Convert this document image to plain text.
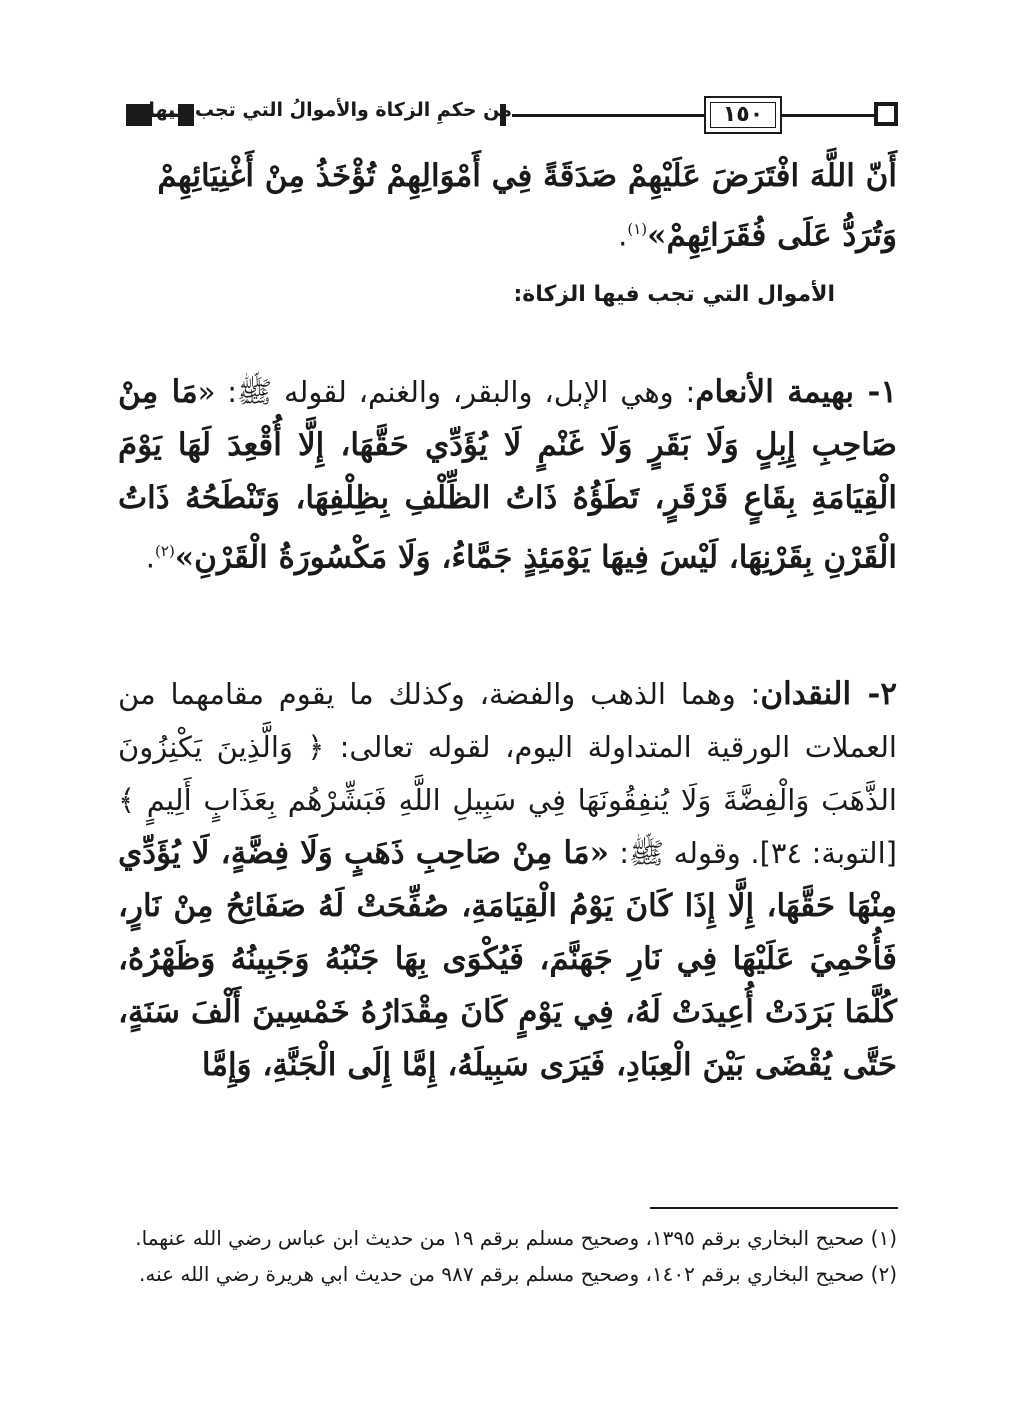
من حكمِ الزكاة والأموالُ التي تجب فيها	١٥٠
أَنّ اللَّهَ افْتَرَضَ عَلَيْهِمْ صَدَقَةً فِي أَمْوَالِهِمْ تُؤْخَذُ مِنْ أَغْنِيَائِهِمْ
وَتُرَدُّ عَلَى فُقَرَائِهِمْ»$^{(١)}$.
الأموال التي تجب فيها الزكاة:
١- بهيمة الأنعام: وهي الإبل، والبقر، والغنم، لقوله ﷺ: «مَا مِنْ صَاحِبِ إِبِلٍ وَلَا بَقَرٍ وَلَا غَنْمٍ لَا يُؤَدِّي حَقَّهَا، إِلَّا أُقْعِدَ لَهَا يَوْمَ الْقِيَامَةِ بِقَاعٍ قَرْقَرٍ، تَطَؤُهُ ذَاتُ الظِّلْفِ بِظِلْفِهَا، وَتَنْطَحُهُ ذَاتُ الْقَرْنِ بِقَرْنِهَا، لَيْسَ فِيهَا يَوْمَئِذٍ جَمَّاءُ، وَلَا مَكْسُورَةُ الْقَرْنِ»$^{(٢)}$.
٢- النقدان: وهما الذهب والفضة، وكذلك ما يقوم مقامهما من العملات الورقية المتداولة اليوم، لقوله تعالى: ﴿ وَالَّذِينَ يَكْنِزُونَ الذَّهَبَ وَالْفِضَّةَ وَلَا يُنفِقُونَهَا فِي سَبِيلِ اللَّهِ فَبَشِّرْهُم بِعَذَابٍ أَلِيمٍ ﴾ [التوبة: ٣٤]. وقوله ﷺ: «مَا مِنْ صَاحِبِ ذَهَبٍ وَلَا فِضَّةٍ، لَا يُؤَدِّي مِنْهَا حَقَّهَا، إِلَّا إِذَا كَانَ يَوْمُ الْقِيَامَةِ، صُفِّحَتْ لَهُ صَفَائِحُ مِنْ نَارٍ، فَأُحْمِيَ عَلَيْهَا فِي نَارِ جَهَنَّمَ، فَيُكْوَى بِهَا جَنْبُهُ وَجَبِينُهُ وَظَهْرُهُ، كُلَّمَا بَرَدَتْ أُعِيدَتْ لَهُ، فِي يَوْمٍ كَانَ مِقْدَارُهُ خَمْسِينَ أَلْفَ سَنَةٍ، حَتَّى يُقْضَى بَيْنَ الْعِبَادِ، فَيَرَى سَبِيلَهُ، إِمَّا إِلَى الْجَنَّةِ، وَإِمَّا
(١) صحيح البخاري برقم ١٣٩٥، وصحيح مسلم برقم ١٩ من حديث ابن عباس رضي الله عنهما.
(٢) صحيح البخاري برقم ١٤٠٢، وصحيح مسلم برقم ٩٨٧ من حديث ابي هريرة رضي الله عنه.
